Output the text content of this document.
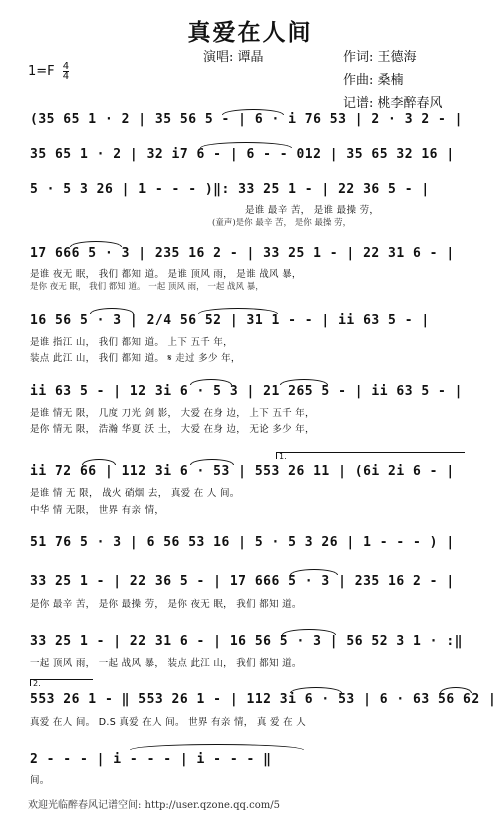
真爱在人间
演唱: 谭晶	作词: 王德海
作曲: 桑楠
记谱: 桃李醉春风
$1=F \frac{4}{4}$
(35 65 1 · 2 | 35 56 5 - | 6 · i 76 53 | 2 · 3 2 - |
35 65 1 · 2 | 32 i7 6 - | 6 - - 012 | 35 65 32 16 |
5 · 5 3 26 | 1 - - - )‖: 33 25 1 - | 22 36 5 - |
是谁 最辛 苦， 是谁 最操 劳，
(童声)是你 最辛 苦， 是你 最操 劳，
17 666 5 · 3 | 235 16 2 - | 33 25 1 - | 22 31 6 - |
是谁 夜无 眠， 我们 都知 道。 是谁 顶风 雨， 是谁 战风 暴，
是你 夜无 眠， 我们 都知 道。 一起 顶风 雨， 一起 战风 暴，
16 56 5 · 3 | 2/4 56 52 | 31 1 - - | ii 63 5 - |
是谁 指江 山， 我们 都知 道。 上下 五千 年，
装点 此江 山， 我们 都知 道。 𝄋 走过 多少 年，
ii 63 5 - | 12 3i 6 · 5 3 | 21 265 5 - | ii 63 5 - |
是谁 情无 限， 几度 刀光 剑 影， 大爱 在身 边， 上下 五千 年，
是你 情无 限， 浩瀚 华夏 沃 土， 大爱 在身 边， 无论 多少 年，
1.
ii 72 66 | 112 3i 6 · 53 | 553 26 11 | (6i 2i 6 - |
是谁 情 无 限， 战火 硝烟 去， 真爱 在 人 间。
中华 情 无限， 世界 有亲 情，
51 76 5 · 3 | 6 56 53 16 | 5 · 5 3 26 | 1 - - - ) |
33 25 1 - | 22 36 5 - | 17 666 5 · 3 | 235 16 2 - |
是你 最辛 苦， 是你 最操 劳， 是你 夜无 眠， 我们 都知 道。
33 25 1 - | 22 31 6 - | 16 56 5 · 3 | 56 52 3 1 · :‖
一起 顶风 雨， 一起 战风 暴， 装点 此江 山， 我们 都知 道。
2.
553 26 1 - ‖ 553 26 1 - | 112 3i 6 · 53 | 6 · 63 56 62 |
真爱 在人 间。 D.S 真爱 在人 间。 世界 有亲 情， 真 爱 在 人
2 - - - | i - - - | i - - - ‖
间。
欢迎光临醉春风记谱空间: http://user.qzone.qq.com/5
